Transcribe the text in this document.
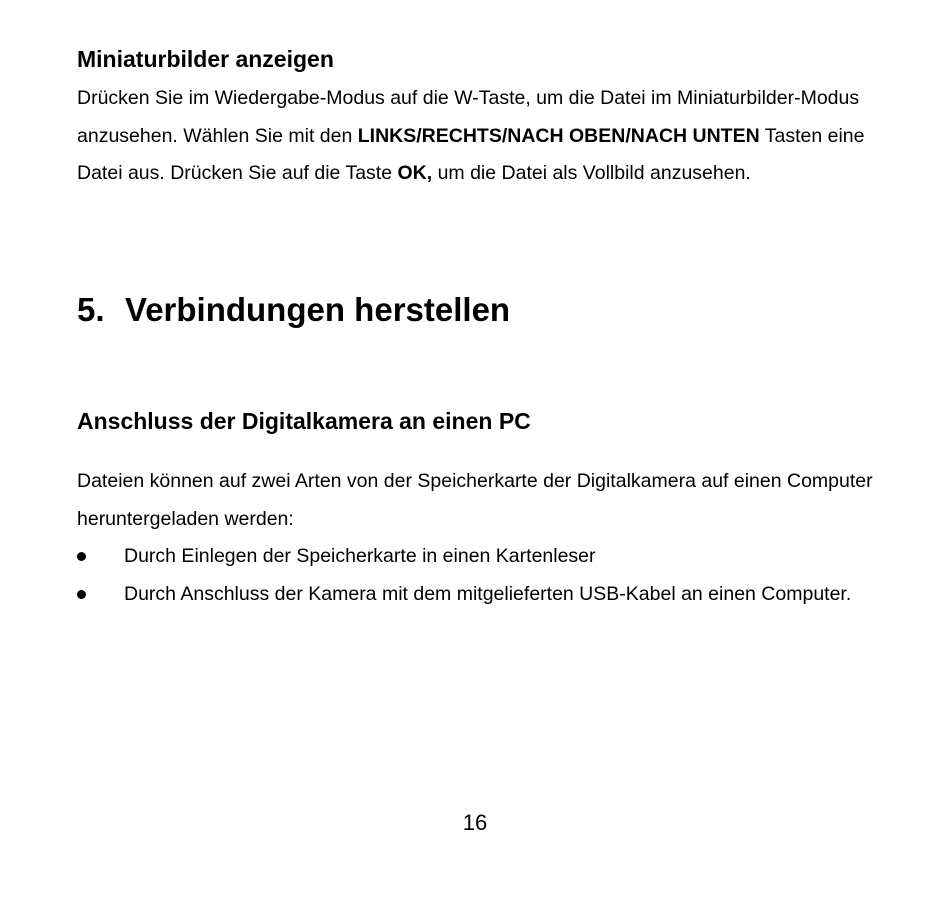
Miniaturbilder anzeigen

Drücken Sie im Wiedergabe-Modus auf die W-Taste, um die Datei im Miniaturbilder-Modus anzusehen. Wählen Sie mit den LINKS/RECHTS/NACH OBEN/NACH UNTEN Tasten eine Datei aus. Drücken Sie auf die Taste OK, um die Datei als Vollbild anzusehen.

5. Verbindungen herstellen
Anschluss der Digitalkamera an einen PC

Dateien können auf zwei Arten von der Speicherkarte der Digitalkamera auf einen Computer heruntergeladen werden:

Durch Einlegen der Speicherkarte in einen Kartenleser
Durch Anschluss der Kamera mit dem mitgelieferten USB-Kabel an einen Computer.
16
